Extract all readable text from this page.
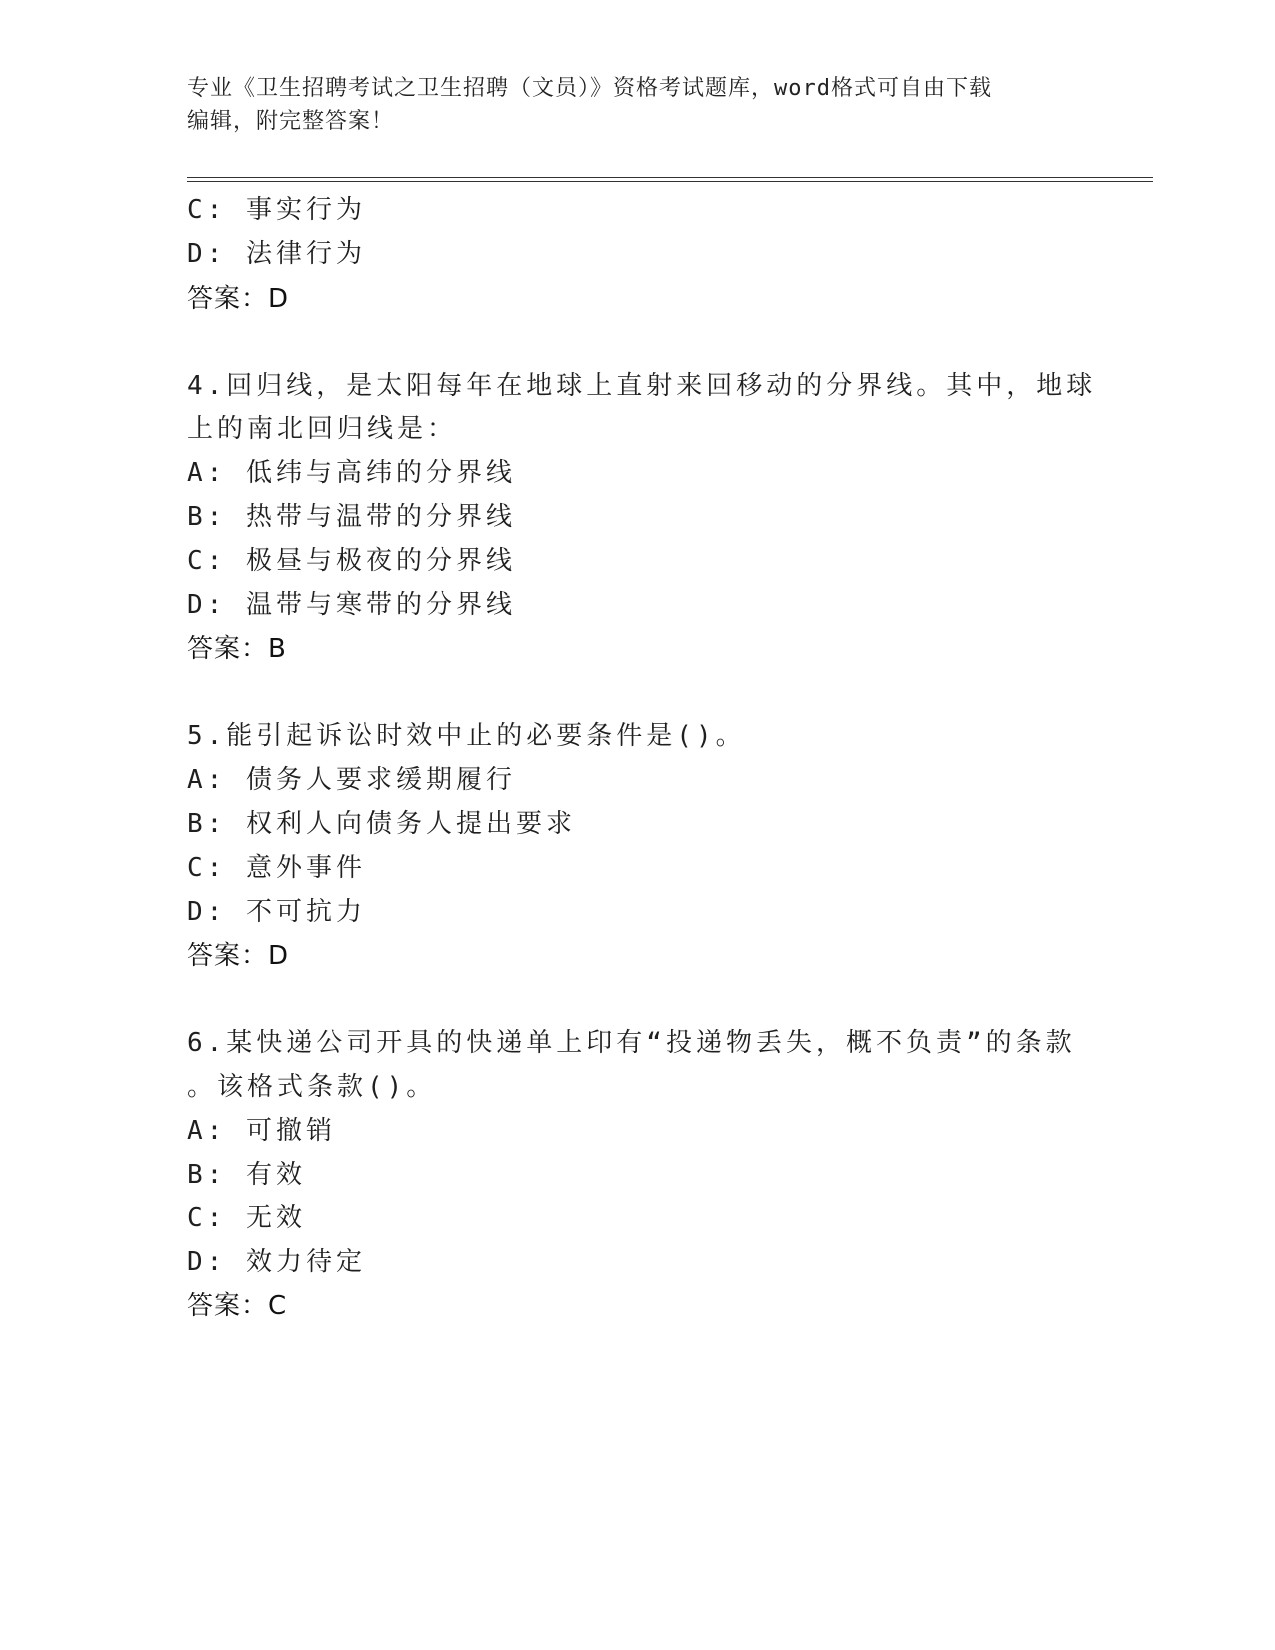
专业《卫生招聘考试之卫生招聘（文员）》资格考试题库，word格式可自由下载
编辑，附完整答案！
C: 事实行为
D: 法律行为
答案：D
4.回归线，是太阳每年在地球上直射来回移动的分界线。其中，地球
上的南北回归线是：
A: 低纬与高纬的分界线
B: 热带与温带的分界线
C: 极昼与极夜的分界线
D: 温带与寒带的分界线
答案：B
5.能引起诉讼时效中止的必要条件是()。
A: 债务人要求缓期履行
B: 权利人向债务人提出要求
C: 意外事件
D: 不可抗力
答案：D
6.某快递公司开具的快递单上印有“投递物丢失，概不负责”的条款
。该格式条款()。
A: 可撤销
B: 有效
C: 无效
D: 效力待定
答案：C
